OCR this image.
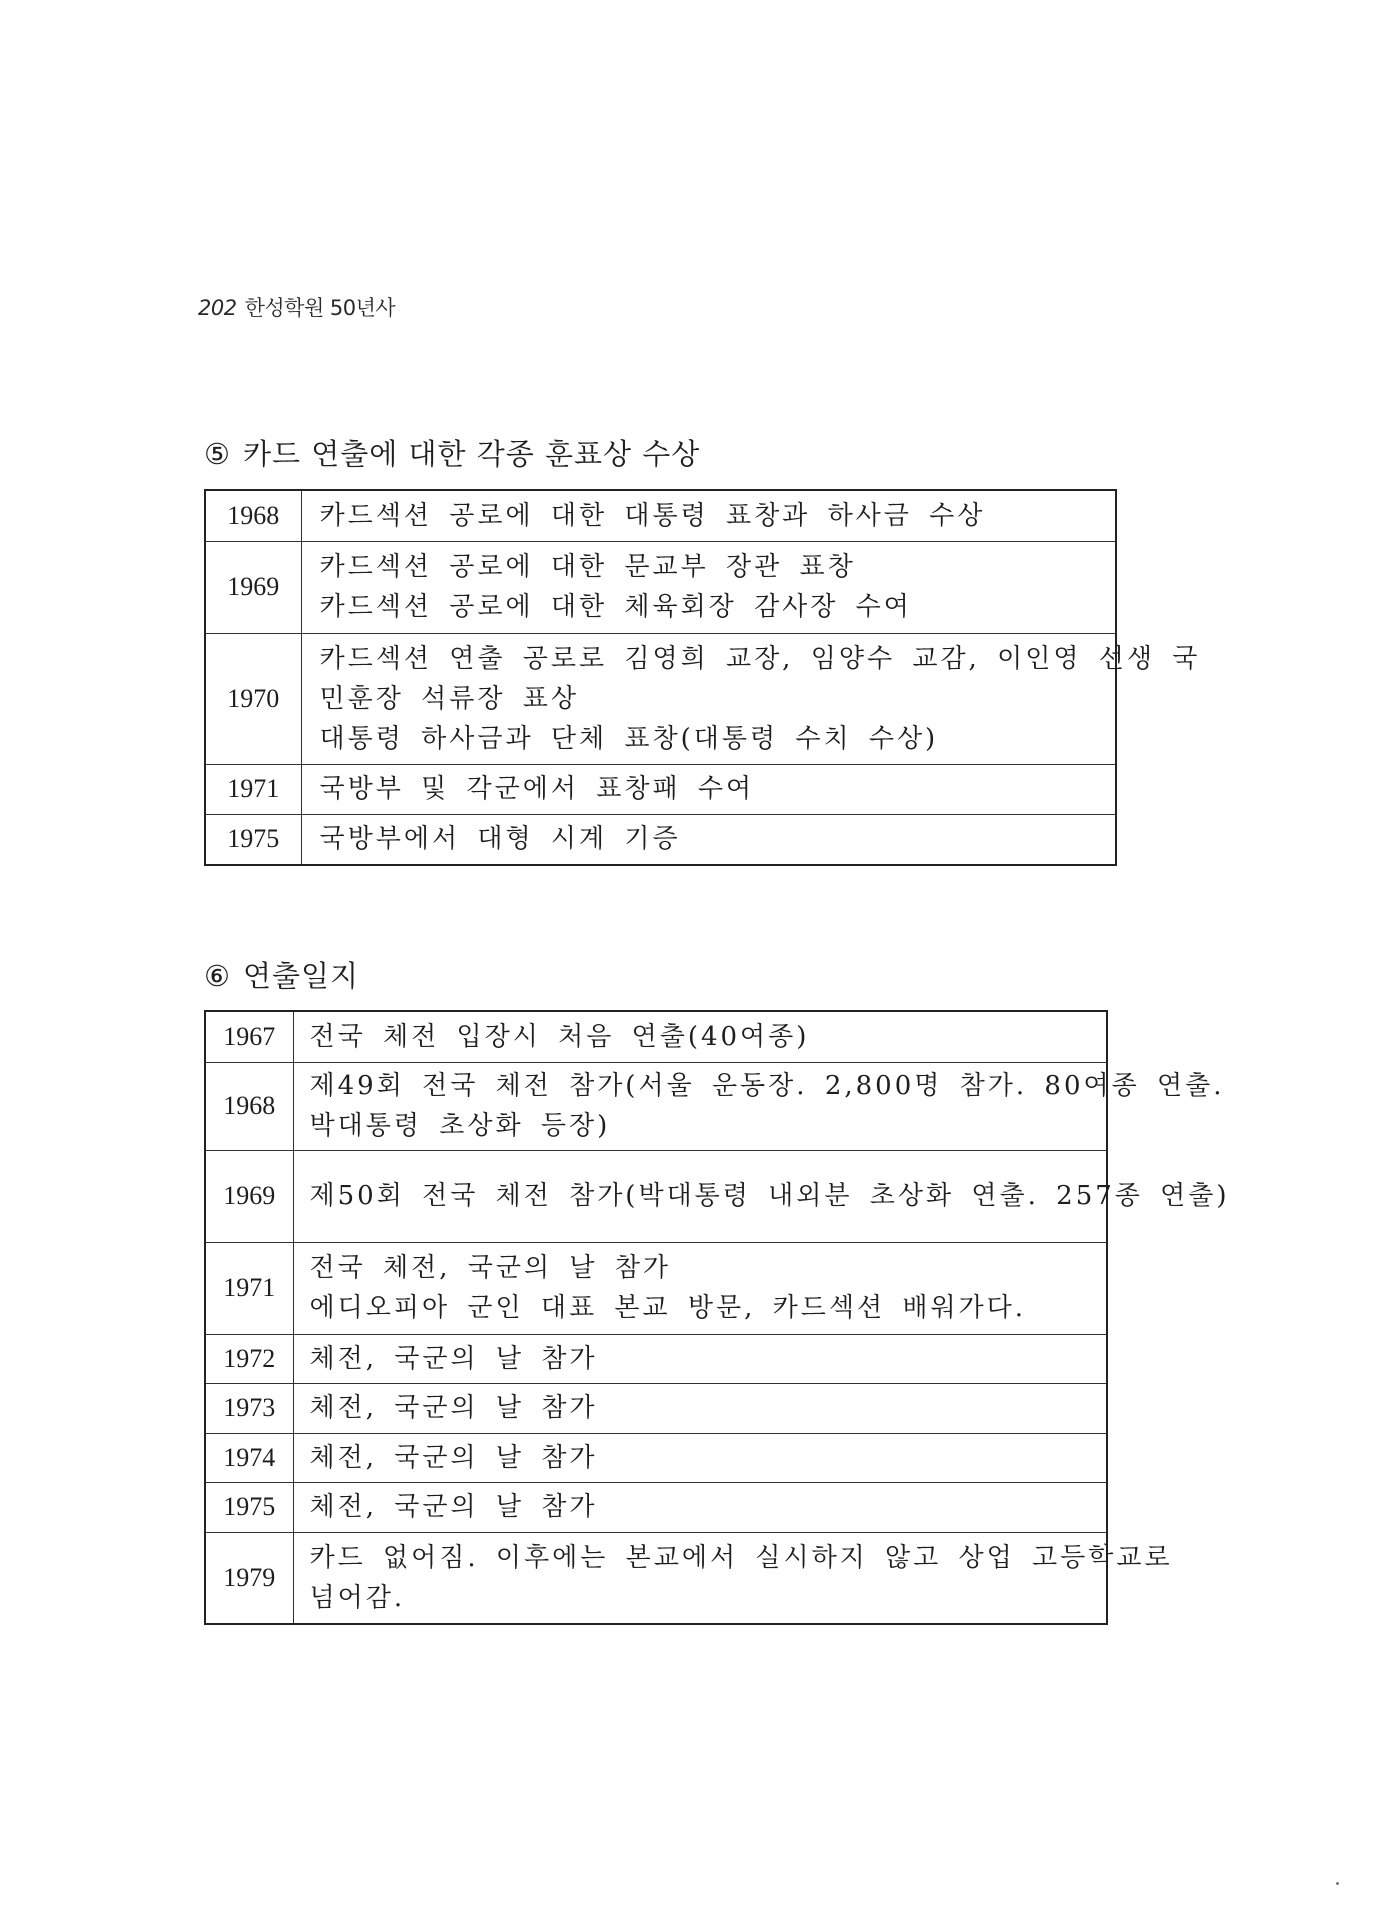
202 한성학원 50년사
⑤ 카드 연출에 대한 각종 훈표상 수상
1968	카드섹션 공로에 대한 대통령 표창과 하사금 수상

1969	카드섹션 공로에 대한 문교부 장관 표창
카드섹션 공로에 대한 체육회장 감사장 수여

1970	카드섹션 연출 공로로 김영희 교장, 임양수 교감, 이인영 선생 국
민훈장 석류장 표상
대통령 하사금과 단체 표창(대통령 수치 수상)

1971	국방부 및 각군에서 표창패 수여

1975	국방부에서 대형 시계 기증
⑥ 연출일지
1967	전국 체전 입장시 처음 연출(40여종)

1968	제49회 전국 체전 참가(서울 운동장. 2,800명 참가. 80여종 연출.
박대통령 초상화 등장)

1969	제50회 전국 체전 참가(박대통령 내외분 초상화 연출. 257종 연출)

1971	전국 체전, 국군의 날 참가
에디오피아 군인 대표 본교 방문, 카드섹션 배워가다.

1972	체전, 국군의 날 참가

1973	체전, 국군의 날 참가

1974	체전, 국군의 날 참가

1975	체전, 국군의 날 참가

1979	카드 없어짐. 이후에는 본교에서 실시하지 않고 상업 고등학교로
넘어감.
